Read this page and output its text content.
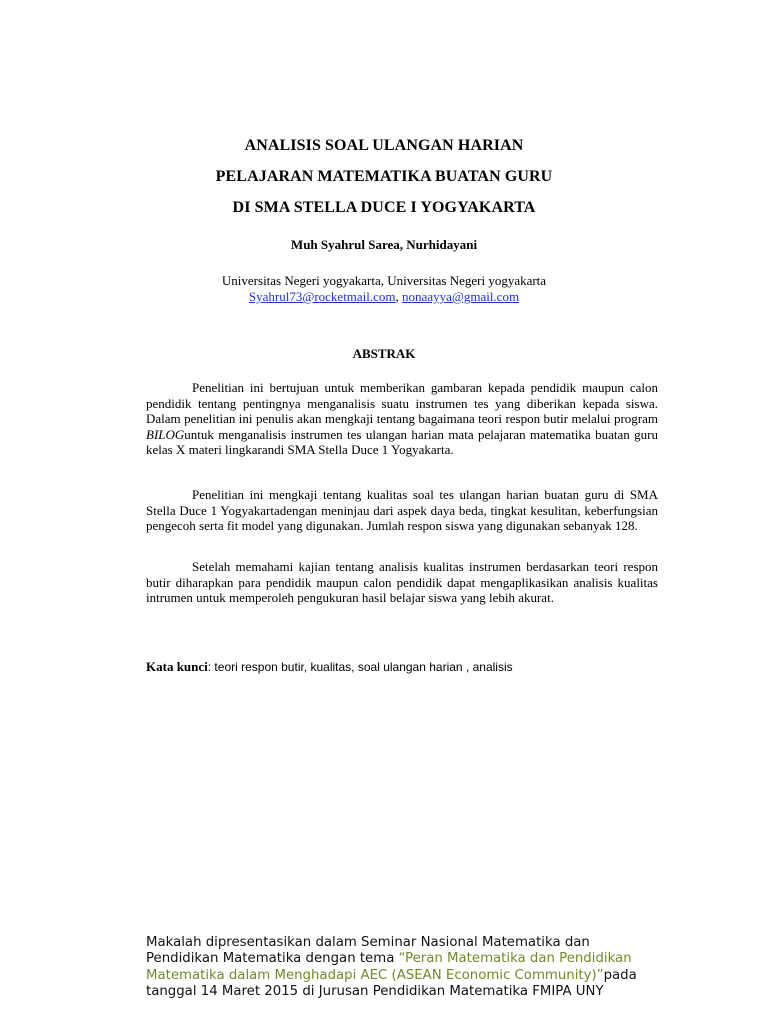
ANALISIS SOAL ULANGAN HARIAN
PELAJARAN MATEMATIKA BUATAN GURU
DI SMA STELLA DUCE I YOGYAKARTA
Muh Syahrul Sarea, Nurhidayani
Universitas Negeri yogyakarta, Universitas Negeri yogyakarta
Syahrul73@rocketmail.com, nonaayya@gmail.com
ABSTRAK
Penelitian ini bertujuan untuk memberikan gambaran kepada pendidik maupun calon pendidik tentang pentingnya menganalisis suatu instrumen tes yang diberikan kepada siswa. Dalam penelitian ini penulis akan mengkaji tentang bagaimana teori respon butir melalui program BILOGuntuk menganalisis instrumen tes ulangan harian mata pelajaran matematika buatan guru kelas X materi lingkarandi SMA Stella Duce 1 Yogyakarta.
Penelitian ini mengkaji tentang kualitas soal tes ulangan harian buatan guru di SMA Stella Duce 1 Yogyakartadengan meninjau dari aspek daya beda, tingkat kesulitan, keberfungsian pengecoh serta fit model yang digunakan. Jumlah respon siswa yang digunakan sebanyak 128.
Setelah memahami kajian tentang analisis kualitas instrumen berdasarkan teori respon butir diharapkan para pendidik maupun calon pendidik dapat mengaplikasikan analisis kualitas intrumen untuk memperoleh pengukuran hasil belajar siswa yang lebih akurat.
Kata kunci: teori respon butir, kualitas, soal ulangan harian , analisis
Makalah dipresentasikan dalam Seminar Nasional Matematika dan Pendidikan Matematika dengan tema “Peran Matematika dan Pendidikan Matematika dalam Menghadapi AEC (ASEAN Economic Community)”pada tanggal 14 Maret 2015 di Jurusan Pendidikan Matematika FMIPA UNY
